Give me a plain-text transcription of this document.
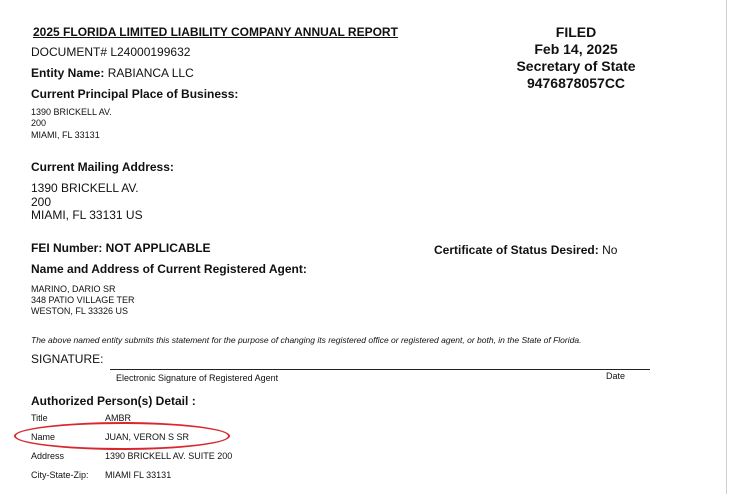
2025 FLORIDA LIMITED LIABILITY COMPANY ANNUAL REPORT
DOCUMENT# L24000199632
Entity Name: RABIANCA LLC
Current Principal Place of Business:
1390 BRICKELL AV.
200
MIAMI, FL 33131
Current Mailing Address:
1390 BRICKELL AV.
200
MIAMI, FL 33131 US
FEI Number: NOT APPLICABLE	Certificate of Status Desired: No
Name and Address of Current Registered Agent:
MARINO, DARIO SR
348 PATIO VILLAGE TER
WESTON, FL 33326 US
The above named entity submits this statement for the purpose of changing its registered office or registered agent, or both, in the State of Florida.
SIGNATURE:
Electronic Signature of Registered Agent	Date
Authorized Person(s) Detail :
Title	AMBR
Name	JUAN, VERON S SR
Address	1390 BRICKELL AV. SUITE 200
City-State-Zip: MIAMI FL 33131
FILED
Feb 14, 2025
Secretary of State
9476878057CC
